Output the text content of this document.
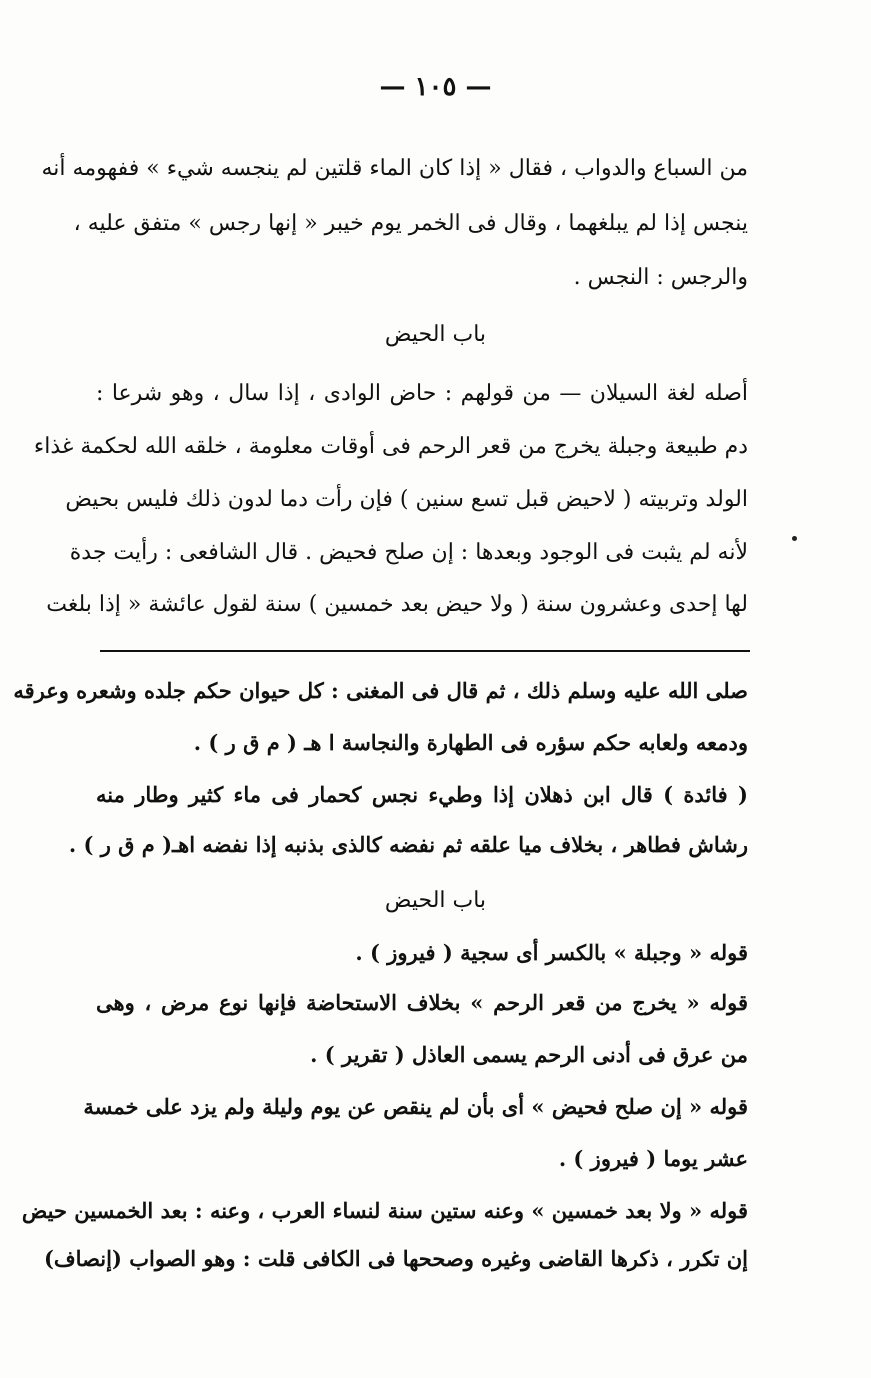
— ١٠٥ —
من السباع والدواب ، فقال « إذا كان الماء قلتين لم ينجسه شيء » ففهومه أنه
ينجس إذا لم يبلغهما ، وقال فى الخمر يوم خيبر « إنها رجس » متفق عليه ،
والرجس : النجس .
باب الحيض
أصله لغة السيلان — من قولهم : حاض الوادى ، إذا سال ، وهو شرعا :
دم طبيعة وجبلة يخرج من قعر الرحم فى أوقات معلومة ، خلقه الله لحكمة غذاء
الولد وتربيته ( لاحيض قبل تسع سنين ) فإن رأت دما لدون ذلك فليس بحيض
لأنه لم يثبت فى الوجود وبعدها : إن صلح فحيض . قال الشافعى : رأيت جدة
لها إحدى وعشرون سنة ( ولا حيض بعد خمسين ) سنة لقول عائشة « إذا بلغت
صلى الله عليه وسلم ذلك ، ثم قال فى المغنى : كل حيوان حكم جلده وشعره وعرقه
ودمعه ولعابه حكم سؤره فى الطهارة والنجاسة ا هـ ( م ق ر ) .
( فائدة ) قال ابن ذهلان إذا وطيء نجس كحمار فى ماء كثير وطار منه
رشاش فطاهر ، بخلاف ميا علقه ثم نفضه كالذى بذنبه إذا نفضه اهـ( م ق ر ) .
باب الحيض
قوله « وجبلة » بالكسر أى سجية ( فيروز ) .
قوله « يخرج من قعر الرحم » بخلاف الاستحاضة فإنها نوع مرض ، وهى
من عرق فى أدنى الرحم يسمى العاذل ( تقرير ) .
قوله « إن صلح فحيض » أى بأن لم ينقص عن يوم وليلة ولم يزد على خمسة
عشر يوما ( فيروز ) .
قوله « ولا بعد خمسين » وعنه ستين سنة لنساء العرب ، وعنه : بعد الخمسين حيض
إن تكرر ، ذكرها القاضى وغيره وصححها فى الكافى قلت : وهو الصواب (إنصاف)
